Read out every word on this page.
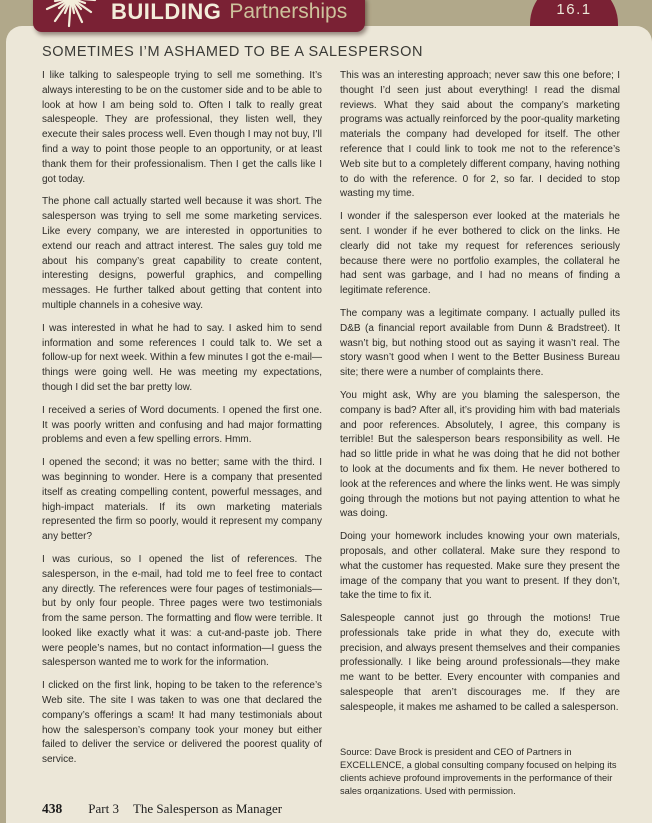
SOMETIMES I’M ASHAMED TO BE A SALESPERSON

I like talking to salespeople trying to sell me something. It’s always interesting to be on the customer side and to be able to look at how I am being sold to. Often I talk to really great salespeople. They are professional, they listen well, they execute their sales process well. Even though I may not buy, I’ll find a way to point those people to an opportunity, or at least thank them for their professionalism. Then I get the calls like I got today.

The phone call actually started well because it was short. The salesperson was trying to sell me some marketing services. Like every company, we are interested in opportunities to extend our reach and attract interest. The sales guy told me about his company’s great capability to create content, interesting designs, powerful graphics, and compelling messages. He further talked about getting that content into multiple channels in a cohesive way.

I was interested in what he had to say. I asked him to send information and some references I could talk to. We set a follow-up for next week. Within a few minutes I got the e-mail—things were going well. He was meeting my expectations, though I did set the bar pretty low.

I received a series of Word documents. I opened the first one. It was poorly written and confusing and had major formatting problems and even a few spelling errors. Hmm.

I opened the second; it was no better; same with the third. I was beginning to wonder. Here is a company that presented itself as creating compelling content, powerful messages, and high-impact materials. If its own marketing materials represented the firm so poorly, would it represent my company any better?

I was curious, so I opened the list of references. The salesperson, in the e-mail, had told me to feel free to contact any directly. The references were four pages of testimonials—but by only four people. Three pages were two testimonials from the same person. The formatting and flow were terrible. It looked like exactly what it was: a cut-and-paste job. There were people’s names, but no contact information—I guess the salesperson wanted me to work for the information.

I clicked on the first link, hoping to be taken to the reference’s Web site. The site I was taken to was one that declared the company’s offerings a scam! It had many testimonials about how the salesperson’s company took your money but either failed to deliver the service or delivered the poorest quality of service.

This was an interesting approach; never saw this one before; I thought I’d seen just about everything! I read the dismal reviews. What they said about the company’s marketing programs was actually reinforced by the poor-quality marketing materials the company had developed for itself. The other reference that I could link to took me not to the reference’s Web site but to a completely different company, having nothing to do with the reference. 0 for 2, so far. I decided to stop wasting my time.

I wonder if the salesperson ever looked at the materials he sent. I wonder if he ever bothered to click on the links. He clearly did not take my request for references seriously because there were no portfolio examples, the collateral he had sent was garbage, and I had no means of finding a legitimate reference.

The company was a legitimate company. I actually pulled its D&B (a financial report available from Dunn & Bradstreet). It wasn’t big, but nothing stood out as saying it wasn’t real. The story wasn’t good when I went to the Better Business Bureau site; there were a number of complaints there.

You might ask, Why are you blaming the salesperson, the company is bad? After all, it’s providing him with bad materials and poor references. Absolutely, I agree, this company is terrible! But the salesperson bears responsibility as well. He had so little pride in what he was doing that he did not bother to look at the documents and fix them. He never bothered to look at the references and where the links went. He was simply going through the motions but not paying attention to what he was doing.

Doing your homework includes knowing your own materials, proposals, and other collateral. Make sure they respond to what the customer has requested. Make sure they present the image of the company that you want to present. If they don’t, take the time to fix it.

Salespeople cannot just go through the motions! True professionals take pride in what they do, execute with precision, and always present themselves and their companies professionally. I like being around professionals—they make me want to be better. Every encounter with companies and salespeople that aren’t discourages me. If they are salespeople, it makes me ashamed to be called a salesperson.

Source: Dave Brock is president and CEO of Partners in EXCELLENCE, a global consulting company focused on helping its clients achieve profound improvements in the performance of their sales organizations. Used with permission.

438 Part 3 The Salesperson as Manager
BUILDING Partnerships	16.1
